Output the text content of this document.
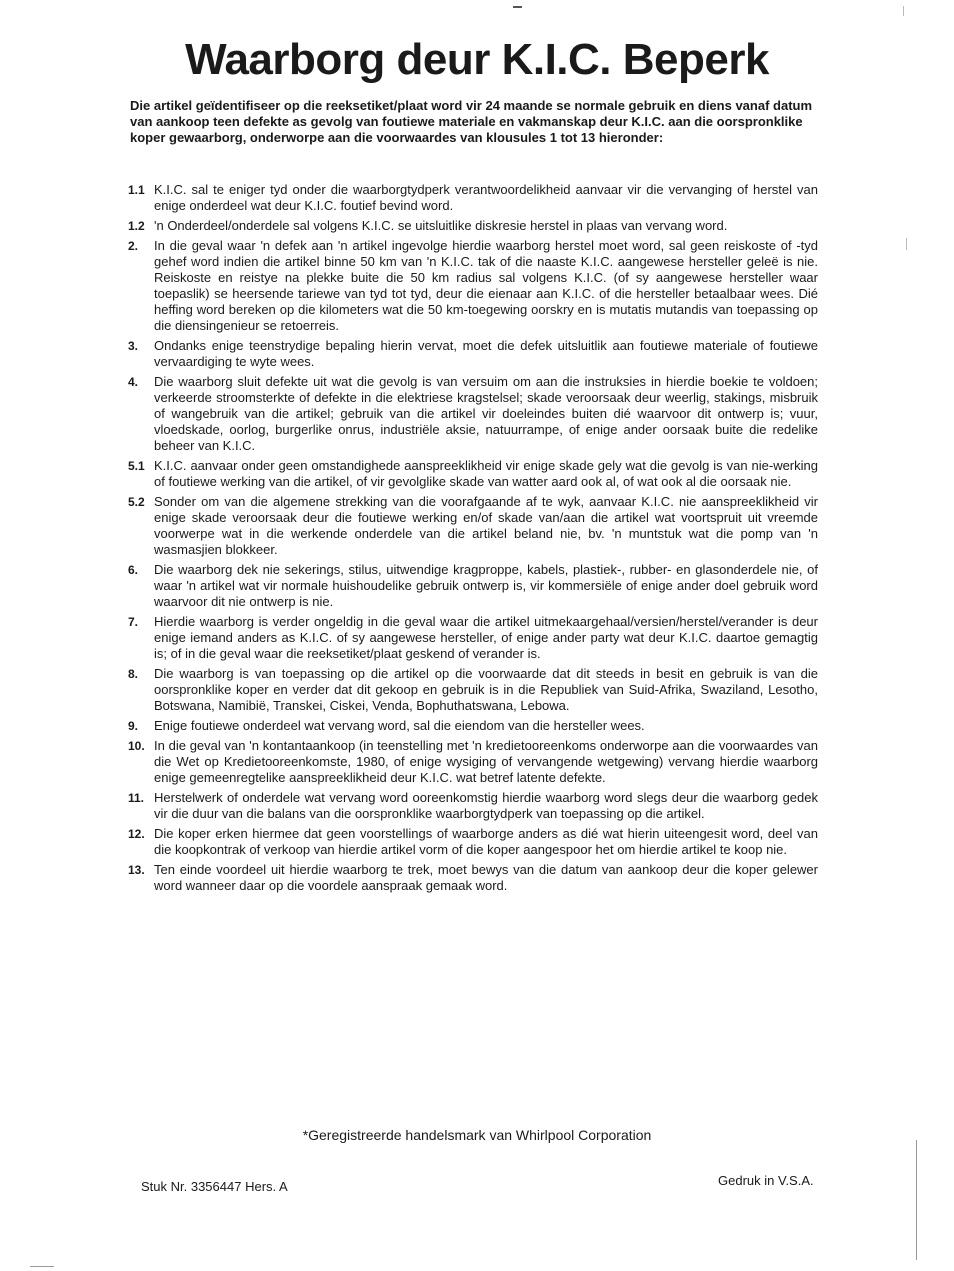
Waarborg deur K.I.C. Beperk

Die artikel geïdentifiseer op die reeksetiket/plaat word vir 24 maande se normale gebruik en diens vanaf datum van aankoop teen defekte as gevolg van foutiewe materiale en vakmanskap deur K.I.C. aan die oorspronklike koper gewaarborg, onderworpe aan die voorwaardes van klousules 1 tot 13 hieronder:

1.1 K.I.C. sal te eniger tyd onder die waarborgtydperk verantwoordelikheid aanvaar vir die vervanging of herstel van enige onderdeel wat deur K.I.C. foutief bevind word.
1.2 'n Onderdeel/onderdele sal volgens K.I.C. se uitsluitlike diskresie herstel in plaas van vervang word.
2.	In die geval waar 'n defek aan 'n artikel ingevolge hierdie waarborg herstel moet word, sal geen reiskoste of -tyd gehef word indien die artikel binne 50 km van 'n K.I.C. tak of die naaste K.I.C. aangewese hersteller geleë is nie. Reiskoste en reistye na plekke buite die 50 km radius sal volgens K.I.C. (of sy aangewese hersteller waar toepaslik) se heersende tariewe van tyd tot tyd, deur die eienaar aan K.I.C. of die hersteller betaalbaar wees. Dié heffing word bereken op die kilometers wat die 50 km-toegewing oorskry en is mutatis mutandis van toepassing op die diensingenieur se retoerreis.
3.	Ondanks enige teenstrydige bepaling hierin vervat, moet die defek uitsluitlik aan foutiewe materiale of foutiewe vervaardiging te wyte wees.
4.	Die waarborg sluit defekte uit wat die gevolg is van versuim om aan die instruksies in hierdie boekie te voldoen; verkeerde stroomsterkte of defekte in die elektriese kragstelsel; skade veroorsaak deur weerlig, stakings, misbruik of wangebruik van die artikel; gebruik van die artikel vir doeleindes buiten dié waarvoor dit ontwerp is; vuur, vloedskade, oorlog, burgerlike onrus, industriële aksie, natuurrampe, of enige ander oorsaak buite die redelike beheer van K.I.C.
5.1 K.I.C. aanvaar onder geen omstandighede aanspreeklikheid vir enige skade gely wat die gevolg is van nie-werking of foutiewe werking van die artikel, of vir gevolglike skade van watter aard ook al, of wat ook al die oorsaak nie.
5.2 Sonder om van die algemene strekking van die voorafgaande af te wyk, aanvaar K.I.C. nie aanspreeklikheid vir enige skade veroorsaak deur die foutiewe werking en/of skade van/aan die artikel wat voortspruit uit vreemde voorwerpe wat in die werkende onderdele van die artikel beland nie, bv. 'n muntstuk wat die pomp van 'n wasmasjien blokkeer.
6.	Die waarborg dek nie sekerings, stilus, uitwendige kragproppe, kabels, plastiek-, rubber- en glasonderdele nie, of waar 'n artikel wat vir normale huishoudelike gebruik ontwerp is, vir kommersiële of enige ander doel gebruik word waarvoor dit nie ontwerp is nie.
7.	Hierdie waarborg is verder ongeldig in die geval waar die artikel uitmekaargehaal/versien/herstel/verander is deur enige iemand anders as K.I.C. of sy aangewese hersteller, of enige ander party wat deur K.I.C. daartoe gemagtig is; of in die geval waar die reeksetiket/plaat geskend of verander is.
8.	Die waarborg is van toepassing op die artikel op die voorwaarde dat dit steeds in besit en gebruik is van die oorspronklike koper en verder dat dit gekoop en gebruik is in die Republiek van Suid-Afrika, Swaziland, Lesotho, Botswana, Namibië, Transkei, Ciskei, Venda, Bophuthatswana, Lebowa.
9.	Enige foutiewe onderdeel wat vervang word, sal die eiendom van die hersteller wees.
10. In die geval van 'n kontantaankoop (in teenstelling met 'n kredietooreenkoms onderworpe aan die voorwaardes van die Wet op Kredietooreenkomste, 1980, of enige wysiging of vervangende wetgewing) vervang hierdie waarborg enige gemeenregtelike aanspreeklikheid deur K.I.C. wat betref latente defekte.
11. Herstelwerk of onderdele wat vervang word ooreenkomstig hierdie waarborg word slegs deur die waarborg gedek vir die duur van die balans van die oorspronklike waarborgtydperk van toepassing op die artikel.
12. Die koper erken hiermee dat geen voorstellings of waarborge anders as dié wat hierin uiteengesit word, deel van die koopkontrak of verkoop van hierdie artikel vorm of die koper aangespoor het om hierdie artikel te koop nie.
13. Ten einde voordeel uit hierdie waarborg te trek, moet bewys van die datum van aankoop deur die koper gelewer word wanneer daar op die voordele aanspraak gemaak word.
*Geregistreerde handelsmark van Whirlpool Corporation
Stuk Nr. 3356447 Hers. A	Gedruk in V.S.A.
